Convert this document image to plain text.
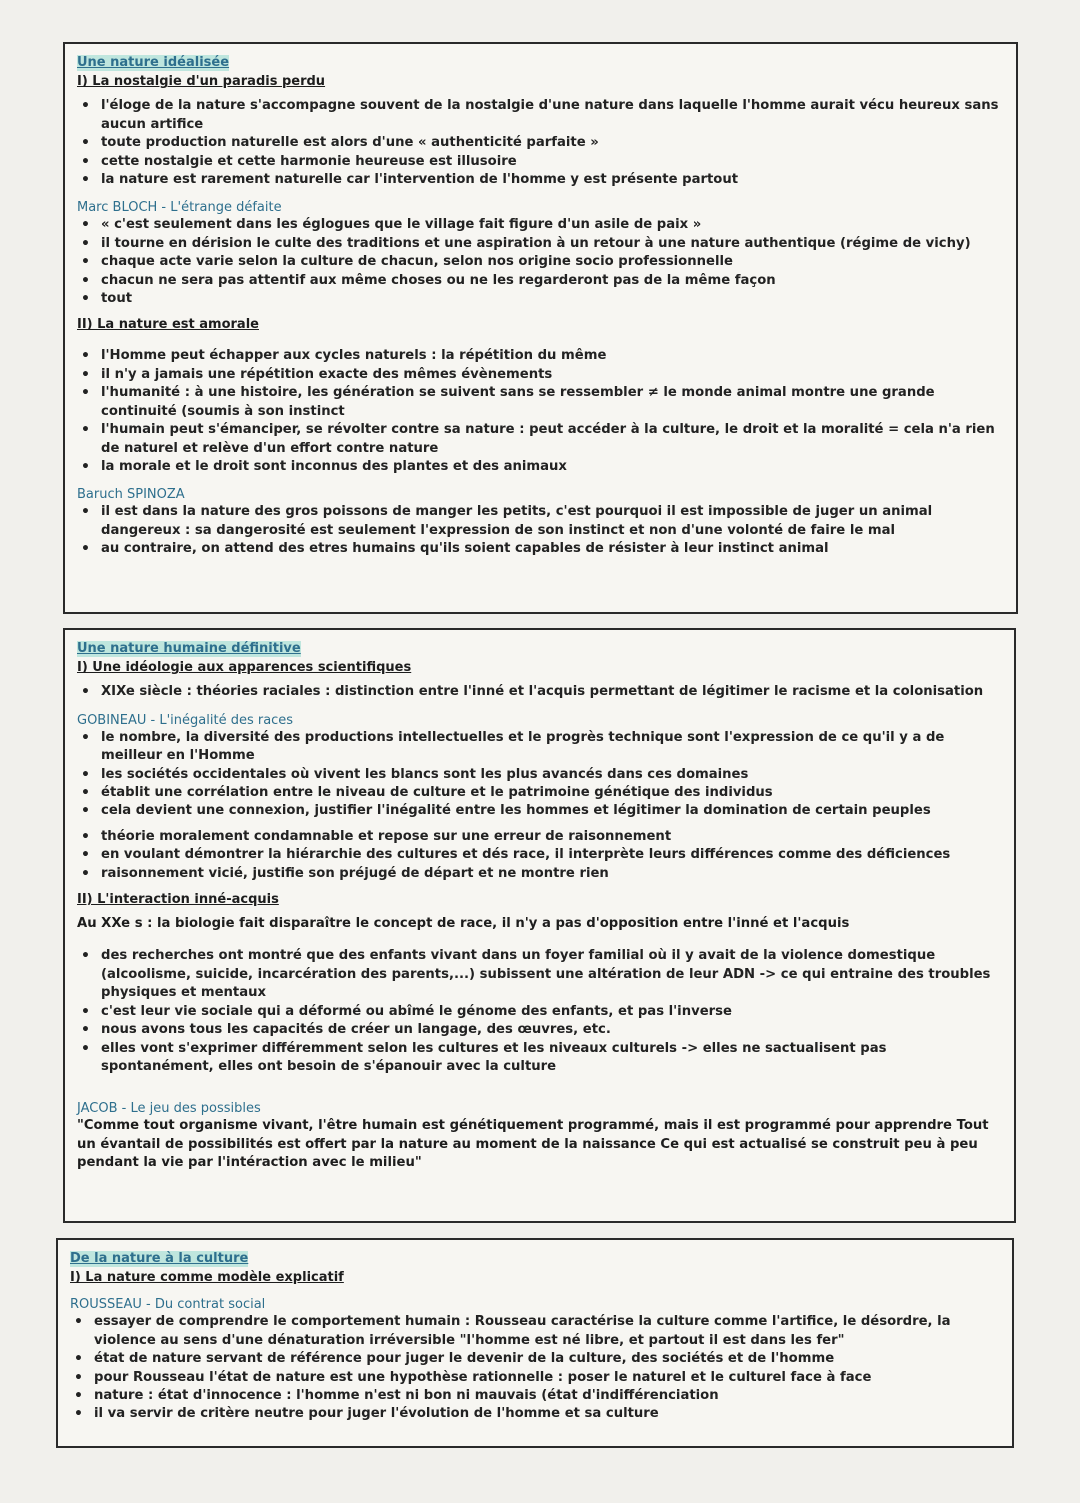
Une nature idéalisée
I) La nostalgie d'un paradis perdu
• l'éloge de la nature s'accompagne souvent de la nostalgie d'une nature dans laquelle l'homme aurait vécu heureux sans aucun artifice
• toute production naturelle est alors d'une « authenticité parfaite »
• cette nostalgie et cette harmonie heureuse est illusoire
• la nature est rarement naturelle car l'intervention de l'homme y est présente partout
Marc BLOCH - L'étrange défaite
• « c'est seulement dans les églogues que le village fait figure d'un asile de paix »
• il tourne en dérision le culte des traditions et une aspiration à un retour à une nature authentique (régime de vichy)
• chaque acte varie selon la culture de chacun, selon nos origine socio professionnelle
• chacun ne sera pas attentif aux même choses ou ne les regarderont pas de la même façon
• tout
II) La nature est amorale
• l'Homme peut échapper aux cycles naturels : la répétition du même
• il n'y a jamais une répétition exacte des mêmes évènements
• l'humanité : à une histoire, les génération se suivent sans se ressembler ≠ le monde animal montre une grande continuité (soumis à son instinct
• l'humain peut s'émanciper, se révolter contre sa nature : peut accéder à la culture, le droit et la moralité = cela n'a rien de naturel et relève d'un effort contre nature
• la morale et le droit sont inconnus des plantes et des animaux
Baruch SPINOZA
• il est dans la nature des gros poissons de manger les petits, c'est pourquoi il est impossible de juger un animal dangereux : sa dangerosité est seulement l'expression de son instinct et non d'une volonté de faire le mal
• au contraire, on attend des etres humains qu'ils soient capables de résister à leur instinct animal
Une nature humaine définitive
I) Une idéologie aux apparences scientifiques
• XIXe siècle : théories raciales : distinction entre l'inné et l'acquis permettant de légitimer le racisme et la colonisation
GOBINEAU - L'inégalité des races
• le nombre, la diversité des productions intellectuelles et le progrès technique sont l'expression de ce qu'il y a de meilleur en l'Homme
• les sociétés occidentales où vivent les blancs sont les plus avancés dans ces domaines
• établit une corrélation entre le niveau de culture et le patrimoine génétique des individus
• cela devient une connexion, justifier l'inégalité entre les hommes et légitimer la domination de certain peuples
• théorie moralement condamnable et repose sur une erreur de raisonnement
• en voulant démontrer la hiérarchie des cultures et dés race, il interprète leurs différences comme des déficiences
• raisonnement vicié, justifie son préjugé de départ et ne montre rien
II) L'interaction inné-acquis

Au XXe s : la biologie fait disparaître le concept de race, il n'y a pas d'opposition entre l'inné et l'acquis

• des recherches ont montré que des enfants vivant dans un foyer familial où il y avait de la violence domestique (alcoolisme, suicide, incarcération des parents,...) subissent une altération de leur ADN -> ce qui entraine des troubles physiques et mentaux
• c'est leur vie sociale qui a déformé ou abîmé le génome des enfants, et pas l'inverse
• nous avons tous les capacités de créer un langage, des œuvres, etc.
• elles vont s'exprimer différemment selon les cultures et les niveaux culturels -> elles ne sactualisent pas spontanément, elles ont besoin de s'épanouir avec la culture
JACOB - Le jeu des possibles

"Comme tout organisme vivant, l'être humain est génétiquement programmé, mais il est programmé pour apprendre Tout un évantail de possibilités est offert par la nature au moment de la naissance Ce qui est actualisé se construit peu à peu pendant la vie par l'intéraction avec le milieu"

De la nature à la culture
I) La nature comme modèle explicatif
ROUSSEAU - Du contrat social
• essayer de comprendre le comportement humain : Rousseau caractérise la culture comme l'artifice, le désordre, la violence au sens d'une dénaturation irréversible "l'homme est né libre, et partout il est dans les fer"
• état de nature servant de référence pour juger le devenir de la culture, des sociétés et de l'homme
• pour Rousseau l'état de nature est une hypothèse rationnelle : poser le naturel et le culturel face à face
• nature : état d'innocence : l'homme n'est ni bon ni mauvais (état d'indifférenciation
• il va servir de critère neutre pour juger l'évolution de l'homme et sa culture
